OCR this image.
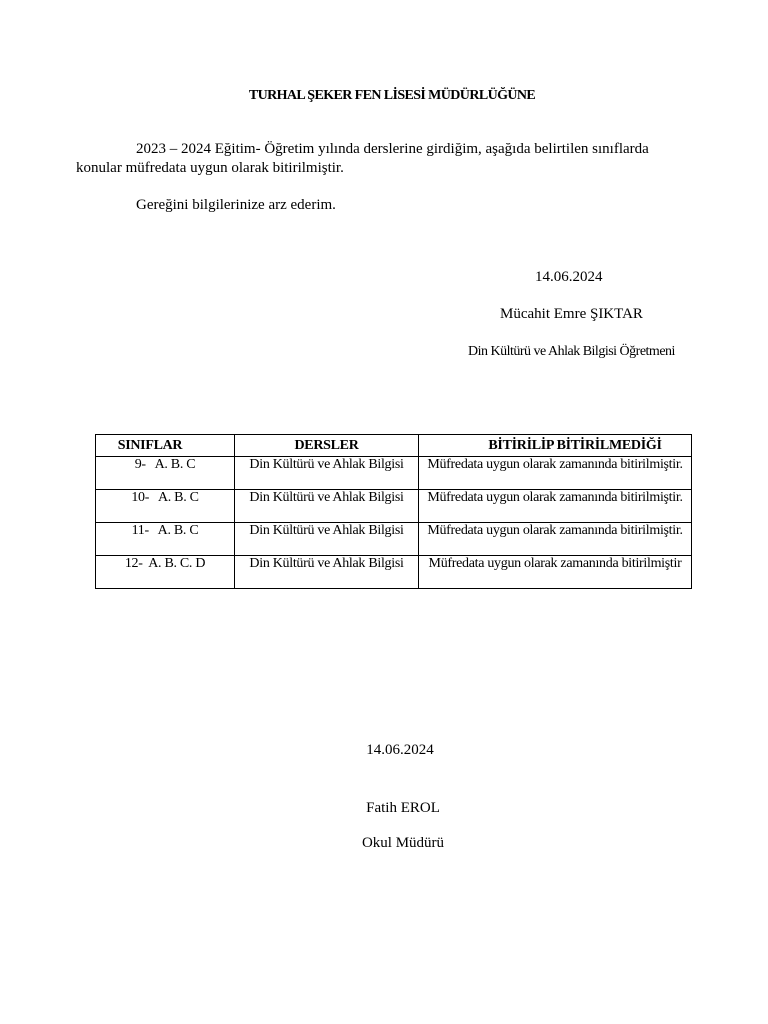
TURHAL ŞEKER FEN LİSESİ MÜDÜRLÜĞÜNE
2023 – 2024 Eğitim- Öğretim yılında derslerine girdiğim, aşağıda belirtilen sınıflarda konular müfredata uygun olarak bitirilmiştir.
Gereğini bilgilerinize arz ederim.
14.06.2024
Mücahit Emre ŞIKTAR
Din Kültürü ve Ahlak Bilgisi Öğretmeni
SINIFLAR	DERSLER	BİTİRİLİP BİTİRİLMEDİĞİ
9-   A. B. C	Din Kültürü ve Ahlak Bilgisi	Müfredata uygun olarak zamanında bitirilmiştir.
10-   A. B. C	Din Kültürü ve Ahlak Bilgisi	Müfredata uygun olarak zamanında bitirilmiştir.
11-   A. B. C	Din Kültürü ve Ahlak Bilgisi	Müfredata uygun olarak zamanında bitirilmiştir.
12-  A. B. C. D	Din Kültürü ve Ahlak Bilgisi	Müfredata uygun olarak zamanında bitirilmiştir
14.06.2024
Fatih EROL
Okul Müdürü
